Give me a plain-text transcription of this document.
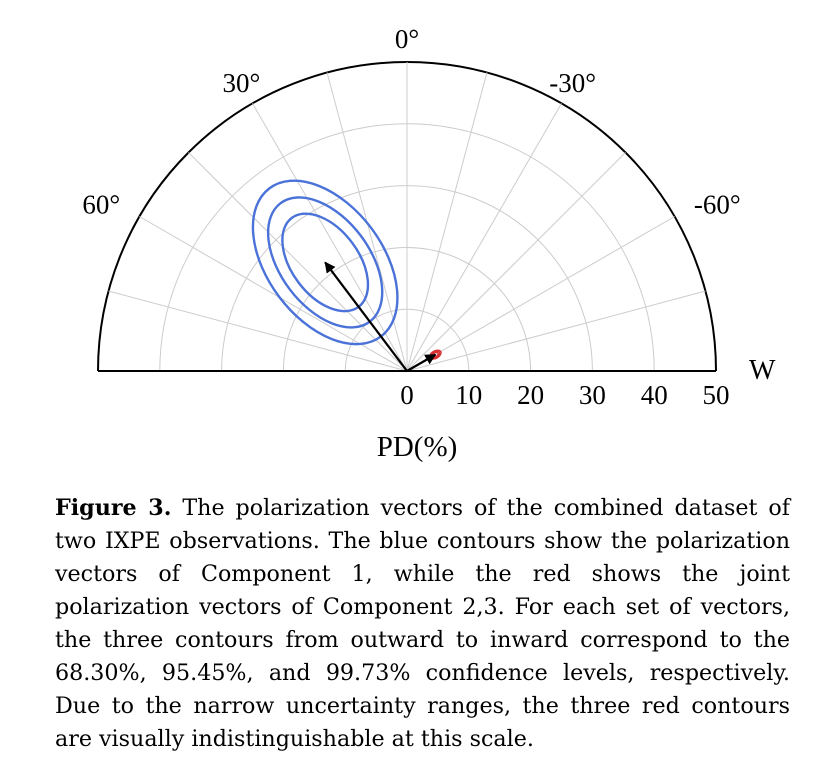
0 10 20 30 40 50
60°
30°
0°
-30°
-60°
W
PD(%)
Figure 3. The polarization vectors of the combined dataset of two IXPE observations. The blue contours show the polarization vectors of Component 1, while the red shows the joint polarization vectors of Component 2,3. For each set of vectors, the three contours from outward to inward correspond to the 68.30%, 95.45%, and 99.73% confidence levels, respectively. Due to the narrow uncertainty ranges, the three red contours are visually indistinguishable at this scale.
